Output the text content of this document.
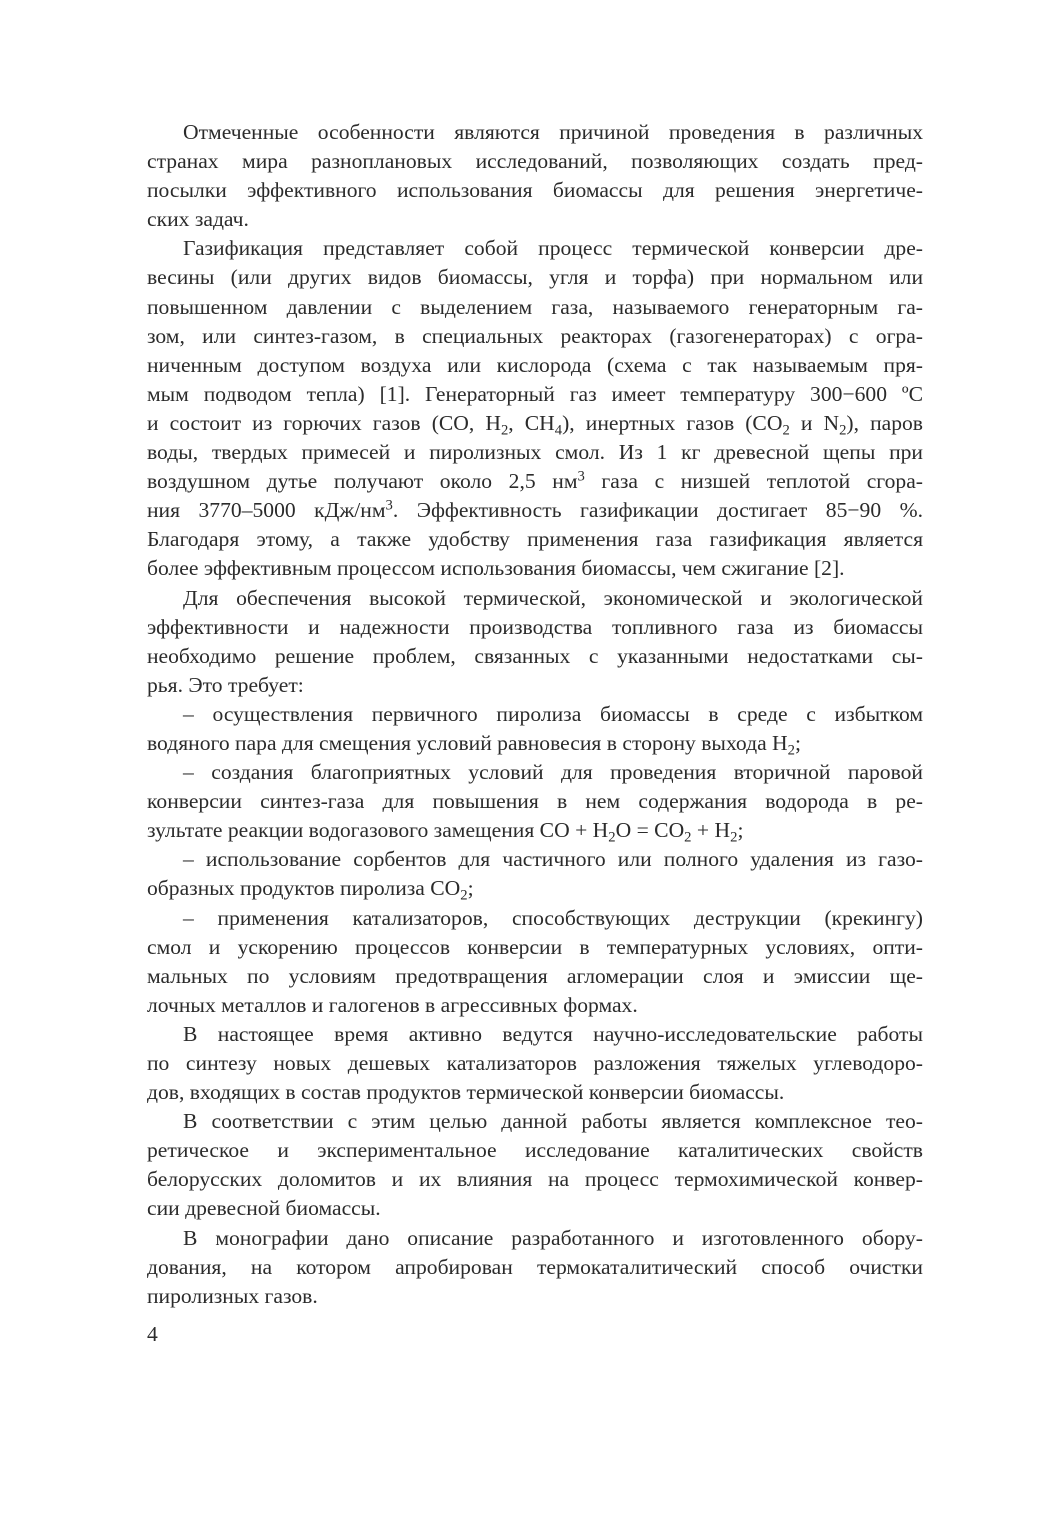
Отмеченные особенности являются причиной проведения в различных
странах мира разноплановых исследований, позволяющих создать пред-
посылки эффективного использования биомассы для решения энергетиче-
ских задач.
Газификация представляет собой процесс термической конверсии дре-
весины (или других видов биомассы, угля и торфа) при нормальном или
повышенном давлении с выделением газа, называемого генераторным га-
зом, или синтез-газом, в специальных реакторах (газогенераторах) с огра-
ниченным доступом воздуха или кислорода (схема с так называемым пря-
мым подводом тепла) [1]. Генераторный газ имеет температуру 300−600 ºС
и состоит из горючих газов (СО, $Н_2$, $СН_4$), инертных газов ($СО_2$ и $N_2$), паров
воды, твердых примесей и пиролизных смол. Из 1 кг древесной щепы при
воздушном дутье получают около 2,5 $нм^3$ газа с низшей теплотой сгора-
ния 3770–5000 кДж/$нм^3$. Эффективность газификации достигает 85−90 %.
Благодаря этому, а также удобству применения газа газификация является
более эффективным процессом использования биомассы, чем сжигание [2].
Для обеспечения высокой термической, экономической и экологической
эффективности и надежности производства топливного газа из биомассы
необходимо решение проблем, связанных с указанными недостатками сы-
рья. Это требует:
– осуществления первичного пиролиза биомассы в среде с избытком
водяного пара для смещения условий равновесия в сторону выхода $Н_2$;
– создания благоприятных условий для проведения вторичной паровой
конверсии синтез-газа для повышения в нем содержания водорода в ре-
зультате реакции водогазового замещения СО + $Н_2О = СО_2 + Н_2$;
– использование сорбентов для частичного или полного удаления из газо-
образных продуктов пиролиза $СО_2$;
– применения катализаторов, способствующих деструкции (крекингу)
смол и ускорению процессов конверсии в температурных условиях, опти-
мальных по условиям предотвращения агломерации слоя и эмиссии ще-
лочных металлов и галогенов в агрессивных формах.
В настоящее время активно ведутся научно-исследовательские работы
по синтезу новых дешевых катализаторов разложения тяжелых углеводоро-
дов, входящих в состав продуктов термической конверсии биомассы.
В соответствии с этим целью данной работы является комплексное тео-
ретическое и экспериментальное исследование каталитических свойств
белорусских доломитов и их влияния на процесс термохимической конвер-
сии древесной биомассы.
В монографии дано описание разработанного и изготовленного обору-
дования, на котором апробирован термокаталитический способ очистки
пиролизных газов.
4
